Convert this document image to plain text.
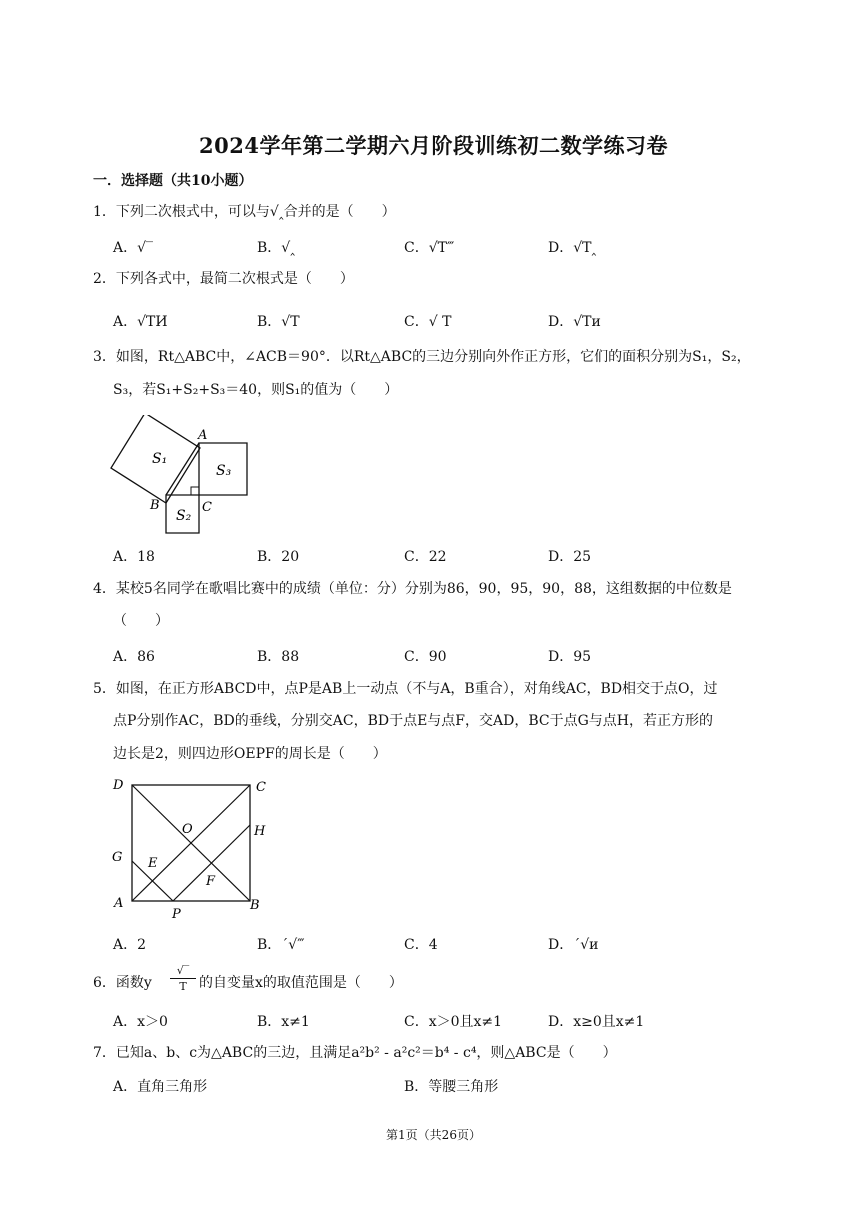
2024学年第二学期六月阶段训练初二数学练习卷
一．选择题（共10小题）
1．下列二次根式中，可以与√‸合并的是（　　）
A．√‾	B．√‸	C．√T‴	D．√T‸
2．下列各式中，最简二次根式是（　　）
A．√TИ	B．√T	C．√ T	D．√Tи
3．如图，Rt△ABC中，∠ACB＝90°．以Rt△ABC的三边分别向外作正方形，它们的面积分别为S₁，S₂，
S₃，若S₁+S₂+S₃＝40，则S₁的值为（　　）
A
B	C
S₁
S₂
S₃
A．18	B．20	C．22	D．25
4．某校5名同学在歌唱比赛中的成绩（单位：分）分别为86，90，95，90，88，这组数据的中位数是
（　　）
A．86	B．88	C．90	D．95
5．如图，在正方形ABCD中，点P是AB上一动点（不与A，B重合），对角线AC，BD相交于点O，过
点P分别作AC，BD的垂线，分别交AC，BD于点E与点F，交AD，BC于点G与点H，若正方形的
边长是2，则四边形OEPF的周长是（　　）
D	C
O	H
G E
F
A
P
B
A．2	B．ˊ√‴	C．4	D．ˊ√и
6．函数y
√‾
T 的自变量x的取值范围是（　　）
A．x＞0	B．x≠1	C．x＞0且x≠1	D．x≥0且x≠1
7．已知a、b、c为△ABC的三边，且满足a²b² - a²c²＝b⁴ - c⁴，则△ABC是（　　）
A．直角三角形	B．等腰三角形
第1页（共26页）
